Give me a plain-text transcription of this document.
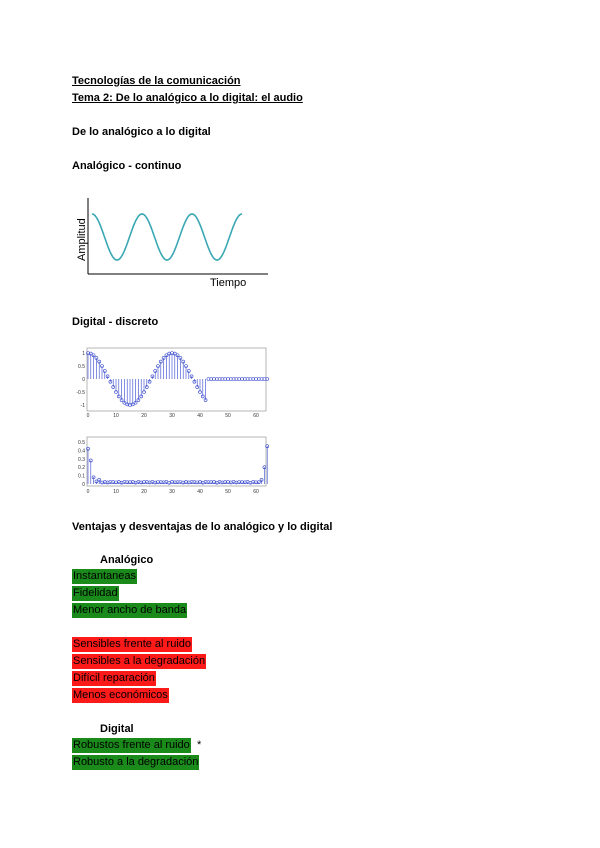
Tecnologías de la comunicación
Tema 2: De lo analógico a lo digital: el audio
De lo analógico a lo digital
Analógico - continuo
Amplitud
Tiempo
Digital - discreto
1
0.5
0
-0.5
-1
0	10	20	30	40	50	60
0.5
0.4
0.3
0.2
0.1
0
0	10	20	30	40	50	60
Ventajas y desventajas de lo analógico y lo digital
Analógico
Instantaneas
Fidelidad
Menor ancho de banda
Sensibles frente al ruido
Sensibles a la degradación
Difícil reparación
Menos económicos
Digital
Robustos frente al ruido *
Robusto a la degradación
